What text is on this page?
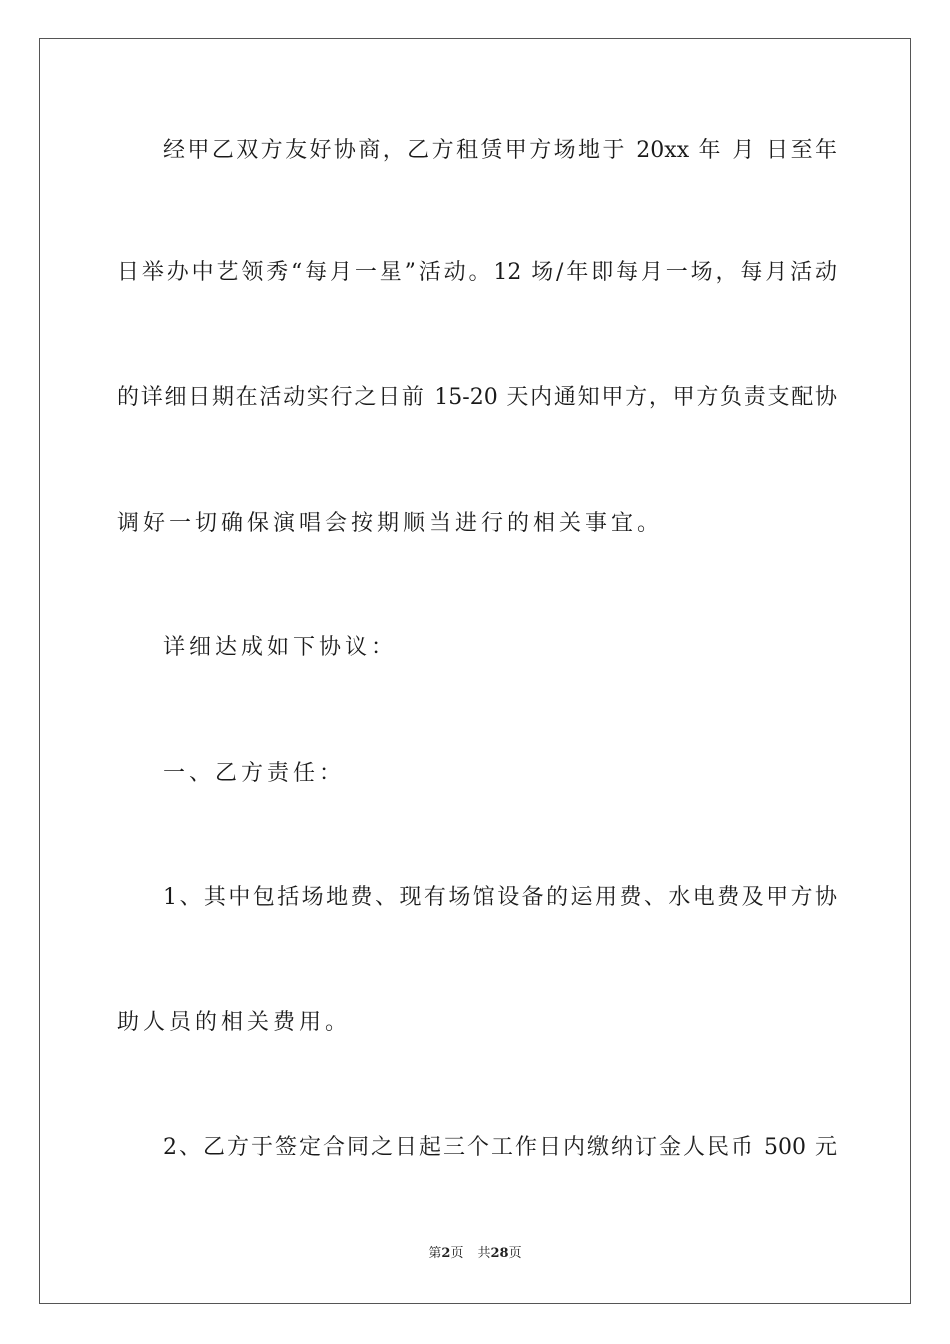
经甲乙双方友好协商，乙方租赁甲方场地于 20xx 年 月 日至年
日举办中艺领秀“每月一星”活动。12 场/年即每月一场，每月活动
的详细日期在活动实行之日前 15-20 天内通知甲方，甲方负责支配协
调好一切确保演唱会按期顺当进行的相关事宜。
详细达成如下协议：
一、乙方责任：
1、其中包括场地费、现有场馆设备的运用费、水电费及甲方协
助人员的相关费用。
2、乙方于签定合同之日起三个工作日内缴纳订金人民币 500 元
第2页 共28页
